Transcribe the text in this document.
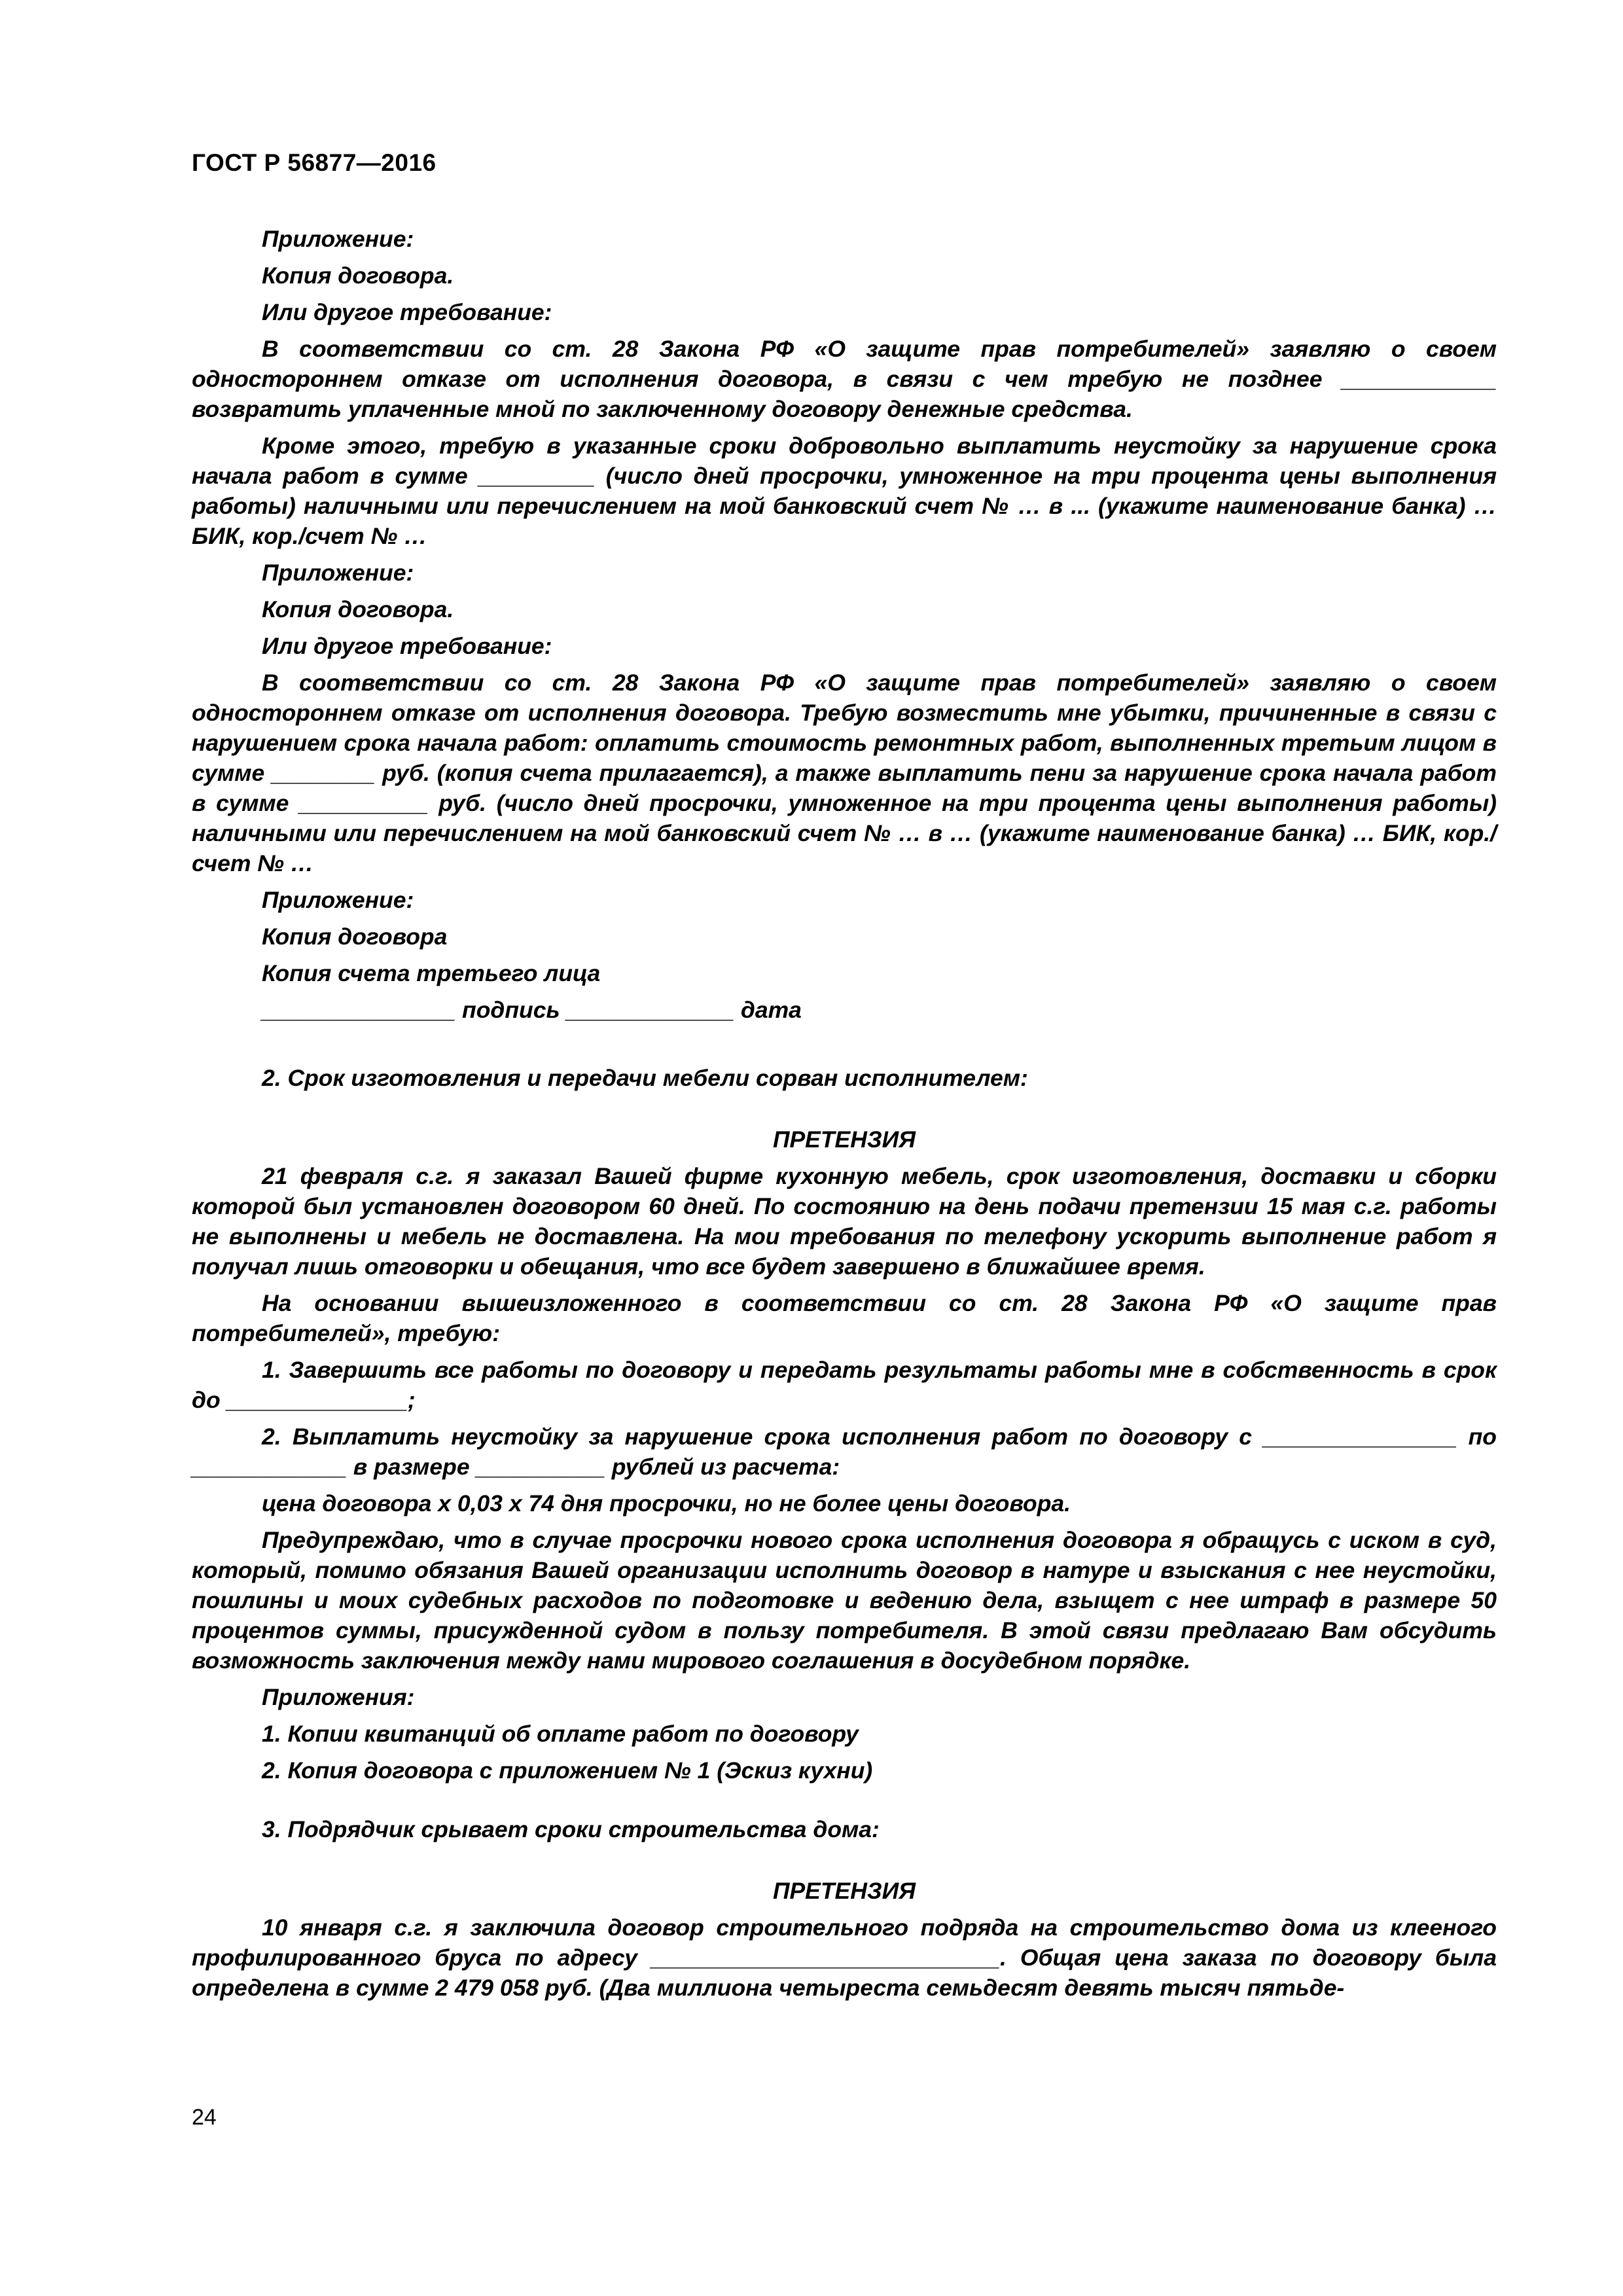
ГОСТ Р 56877—2016

Приложение:

Копия договора.

Или другое требование:

В соответствии со ст. 28 Закона РФ «О защите прав потребителей» заявляю о своем одностороннем отказе от исполнения договора, в связи с чем требую не позднее ____________ возвратить уплаченные мной по заключенному договору денежные средства.

Кроме этого, требую в указанные сроки добровольно выплатить неустойку за нарушение срока начала работ в сумме _________ (число дней просрочки, умноженное на три процента цены выполнения работы) наличными или перечислением на мой банковский счет № … в ... (укажите наименование банка) … БИК, кор./счет № …

Приложение:

Копия договора.

Или другое требование:

В соответствии со ст. 28 Закона РФ «О защите прав потребителей» заявляю о своем одностороннем отказе от исполнения договора. Требую возместить мне убытки, причиненные в связи с нарушением срока начала работ: оплатить стоимость ремонтных работ, выполненных третьим лицом в сумме ________ руб. (копия счета прилагается), а также выплатить пени за нарушение срока начала работ в сумме __________ руб. (число дней просрочки, умноженное на три процента цены выполнения работы) наличными или перечислением на мой банковский счет № … в … (укажите наименование банка) … БИК, кор./счет № …

Приложение:

Копия договора

Копия счета третьего лица

_______________ подпись _____________ дата

2. Срок изготовления и передачи мебели сорван исполнителем:

ПРЕТЕНЗИЯ

21 февраля с.г. я заказал Вашей фирме кухонную мебель, срок изготовления, доставки и сборки которой был установлен договором 60 дней. По состоянию на день подачи претензии 15 мая с.г. работы не выполнены и мебель не доставлена. На мои требования по телефону ускорить выполнение работ я получал лишь отговорки и обещания, что все будет завершено в ближайшее время.

На основании вышеизложенного в соответствии со ст. 28 Закона РФ «О защите прав потребителей», требую:

1. Завершить все работы по договору и передать результаты работы мне в собственность в срок до ______________;

2. Выплатить неустойку за нарушение срока исполнения работ по договору с _______________ по ____________ в размере __________ рублей из расчета:

цена договора х 0,03 х 74 дня просрочки, но не более цены договора.

Предупреждаю, что в случае просрочки нового срока исполнения договора я обращусь с иском в суд, который, помимо обязания Вашей организации исполнить договор в натуре и взыскания с нее неустойки, пошлины и моих судебных расходов по подготовке и ведению дела, взыщет с нее штраф в размере 50 процентов суммы, присужденной судом в пользу потребителя. В этой связи предлагаю Вам обсудить возможность заключения между нами мирового соглашения в досудебном порядке.

Приложения:

1. Копии квитанций об оплате работ по договору

2. Копия договора с приложением № 1 (Эскиз кухни)

3. Подрядчик срывает сроки строительства дома:

ПРЕТЕНЗИЯ

10 января с.г. я заключила договор строительного подряда на строительство дома из клееного профилированного бруса по адресу ___________________________. Общая цена заказа по договору была определена в сумме 2 479 058 руб. (Два миллиона четыреста семьдесят девять тысяч пятьде-

24
